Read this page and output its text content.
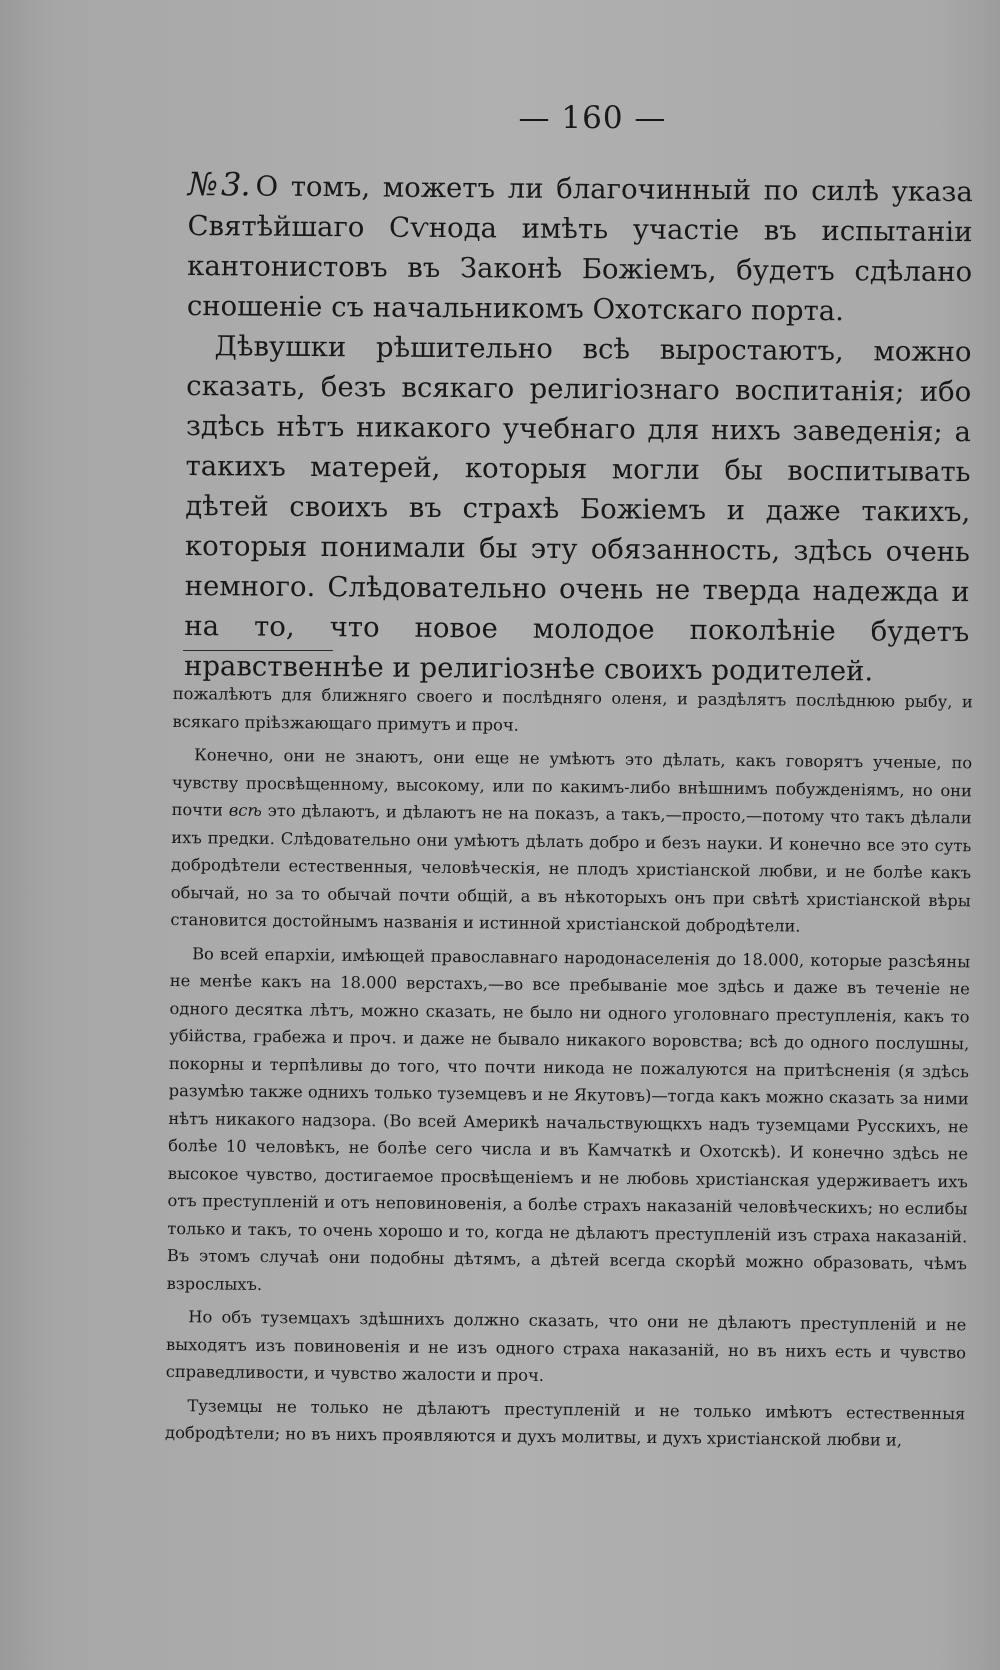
— 160 —

№3. О томъ, можетъ ли благочинный по силѣ указа Святѣйшаго Сѵнода имѣть участіе въ испытаніи кантонистовъ въ Законѣ Божіемъ, будетъ сдѣлано сношеніе съ начальникомъ Охотскаго порта.

Дѣвушки рѣшительно всѣ выростаютъ, можно сказать, безъ всякаго религіознаго воспитанія; ибо здѣсь нѣтъ никакого учебнаго для нихъ заведенія; а такихъ матерей, которыя могли бы воспитывать дѣтей своихъ въ страхѣ Божіемъ и даже такихъ, которыя понимали бы эту обязанность, здѣсь очень немного. Слѣдовательно очень не тверда надежда и на то, что новое молодое поколѣніе будетъ нравственнѣе и религіознѣе своихъ родителей.

пожалѣютъ для ближняго своего и послѣдняго оленя, и раздѣлятъ послѣднюю рыбу, и всякаго пріѣзжающаго примутъ и проч.

Конечно, они не знаютъ, они еще не умѣютъ это дѣлать, какъ говорятъ ученые, по чувству просвѣщенному, высокому, или по какимъ-либо внѣшнимъ побужденіямъ, но они почти всѣ это дѣлаютъ, и дѣлаютъ не на показъ, а такъ,—просто,—потому что такъ дѣлали ихъ предки. Слѣдовательно они умѣютъ дѣлать добро и безъ науки. И конечно все это суть добродѣтели естественныя, человѣческія, не плодъ христіанской любви, и не болѣе какъ обычай, но за то обычай почти общій, а въ нѣкоторыхъ онъ при свѣтѣ христіанской вѣры становится достойнымъ названія и истинной христіанской добродѣтели.

Во всей епархіи, имѣющей православнаго народонаселенія до 18.000, которые разсѣяны не менѣе какъ на 18.000 верстахъ,—во все пребываніе мое здѣсь и даже въ теченіе не одного десятка лѣтъ, можно сказать, не было ни одного уголовнаго преступленія, какъ то убійства, грабежа и проч. и даже не бывало никакого воровства; всѣ до одного послушны, покорны и терпѣливы до того, что почти никода не пожалуются на притѣсненія (я здѣсь разумѣю также однихъ только туземцевъ и не Якутовъ)—тогда какъ можно сказать за ними нѣтъ никакого надзора. (Во всей Америкѣ начальствующкхъ надъ туземцами Русскихъ, не болѣе 10 человѣкъ, не болѣе сего числа и въ Камчаткѣ и Охотскѣ). И конечно здѣсь не высокое чувство, достигаемое просвѣщеніемъ и не любовь христіанская удерживаетъ ихъ отъ преступленій и отъ неповиновенія, а болѣе страхъ наказаній человѣческихъ; но еслибы только и такъ, то очень хорошо и то, когда не дѣлаютъ преступленій изъ страха наказаній. Въ этомъ случаѣ они подобны дѣтямъ, а дѣтей всегда скорѣй можно образовать, чѣмъ взрослыхъ.

Но объ туземцахъ здѣшнихъ должно сказать, что они не дѣлаютъ преступленій и не выходятъ изъ повиновенія и не изъ одного страха наказаній, но въ нихъ есть и чувство справедливости, и чувство жалости и проч.

Туземцы не только не дѣлаютъ преступленій и не только имѣютъ естественныя добродѣтели; но въ нихъ проявляются и духъ молитвы, и духъ христіанской любви и,
